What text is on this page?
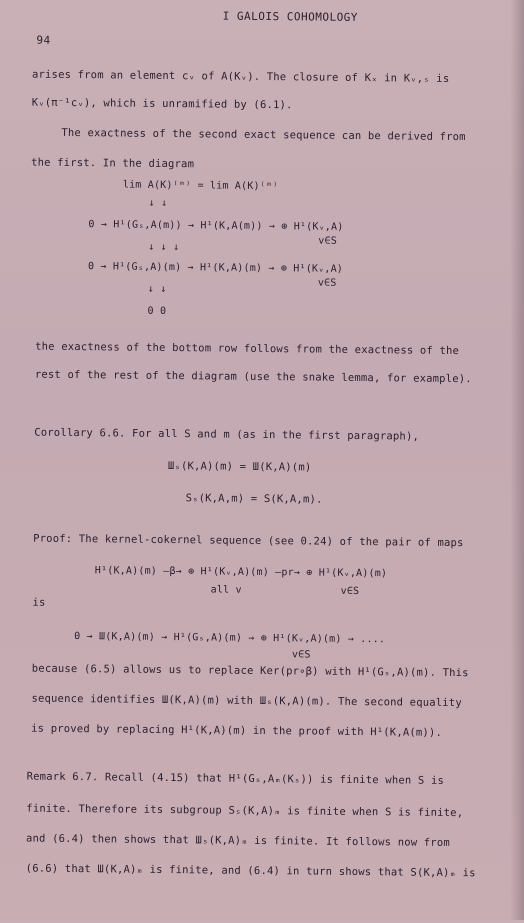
94
I GALOIS COHOMOLOGY
arises from an element cᵥ of A(Kᵥ). The closure of Kₓ in Kᵥ,ₛ is
Kᵥ(π⁻¹cᵥ), which is unramified by (6.1).
The exactness of the second exact sequence can be derived from
the first. In the diagram
lim A(K)⁽ᵐ⁾ = lim A(K)⁽ᵐ⁾
↓ ↓
0 → H¹(Gₛ,A(m)) → H¹(K,A(m)) → ⊕ H¹(Kᵥ,A)
v∈S
↓ ↓ ↓
0 → H¹(Gₛ,A)(m) → H¹(K,A)(m) → ⊕ H¹(Kᵥ,A)
v∈S
↓ ↓
0 0
the exactness of the bottom row follows from the exactness of the
rest of the rest of the diagram (use the snake lemma, for example).
Corollary 6.6. For all S and m (as in the first paragraph),
Шₛ(K,A)(m) = Ш(K,A)(m)
Sₛ(K,A,m) = S(K,A,m).
Proof: The kernel-cokernel sequence (see 0.24) of the pair of maps
H¹(K,A)(m) —β→ ⊕ H¹(Kᵥ,A)(m) —pr→ ⊕ H¹(Kᵥ,A)(m)
all v	v∈S
is
0 → Ш(K,A)(m) → H¹(Gₛ,A)(m) → ⊕ H¹(Kᵥ,A)(m) → ....
v∈S
because (6.5) allows us to replace Ker(pr∘β) with H¹(Gₛ,A)(m). This
sequence identifies Ш(K,A)(m) with Шₛ(K,A)(m). The second equality
is proved by replacing H¹(K,A)(m) in the proof with H¹(K,A(m)).
Remark 6.7. Recall (4.15) that H¹(Gₛ,Aₘ(Kₛ)) is finite when S is
finite. Therefore its subgroup Sₛ(K,A)ₘ is finite when S is finite,
and (6.4) then shows that Шₛ(K,A)ₘ is finite. It follows now from
(6.6) that Ш(K,A)ₘ is finite, and (6.4) in turn shows that S(K,A)ₘ is
